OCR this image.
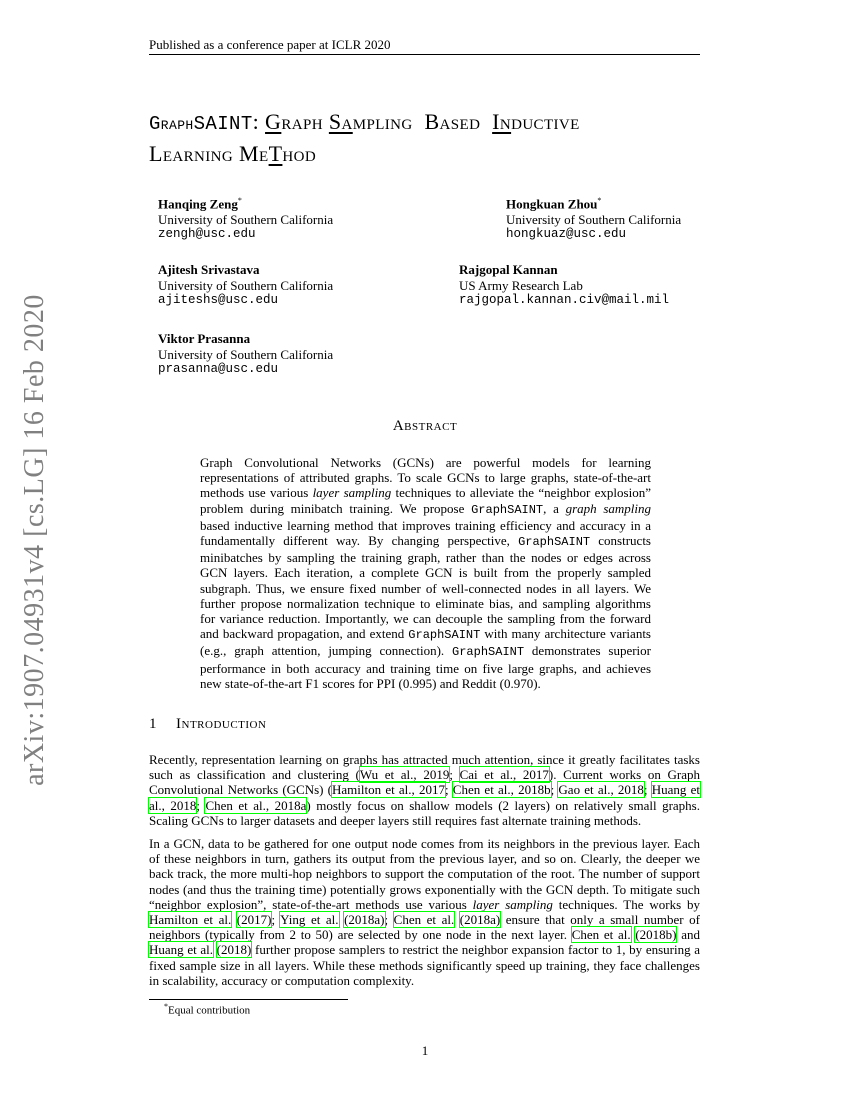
Published as a conference paper at ICLR 2020
GraphSAINT: Graph Sampling Based Inductive
Learning MeThod
Hanqing Zeng*
University of Southern California
zengh@usc.edu
Hongkuan Zhou*
University of Southern California
hongkuaz@usc.edu
Ajitesh Srivastava
University of Southern California
ajiteshs@usc.edu
Rajgopal Kannan
US Army Research Lab
rajgopal.kannan.civ@mail.mil
Viktor Prasanna
University of Southern California
prasanna@usc.edu
arXiv:1907.04931v4 [cs.LG] 16 Feb 2020	Abstract
Graph Convolutional Networks (GCNs) are powerful models for learning representations of attributed graphs. To scale GCNs to large graphs, state-of-the-art methods use various layer sampling techniques to alleviate the “neighbor explosion” problem during minibatch training. We propose GraphSAINT, a graph sampling based inductive learning method that improves training efficiency and accuracy in a fundamentally different way. By changing perspective, GraphSAINT constructs minibatches by sampling the training graph, rather than the nodes or edges across GCN layers. Each iteration, a complete GCN is built from the properly sampled subgraph. Thus, we ensure fixed number of well-connected nodes in all layers. We further propose normalization technique to eliminate bias, and sampling algorithms for variance reduction. Importantly, we can decouple the sampling from the forward and backward propagation, and extend GraphSAINT with many architecture variants (e.g., graph attention, jumping connection). GraphSAINT demonstrates superior performance in both accuracy and training time on five large graphs, and achieves new state-of-the-art F1 scores for PPI (0.995) and Reddit (0.970).
1 Introduction
Recently, representation learning on graphs has attracted much attention, since it greatly facilitates tasks such as classification and clustering (Wu et al., 2019; Cai et al., 2017). Current works on Graph Convolutional Networks (GCNs) (Hamilton et al., 2017; Chen et al., 2018b; Gao et al., 2018; Huang et al., 2018; Chen et al., 2018a) mostly focus on shallow models (2 layers) on relatively small graphs. Scaling GCNs to larger datasets and deeper layers still requires fast alternate training methods.
In a GCN, data to be gathered for one output node comes from its neighbors in the previous layer. Each of these neighbors in turn, gathers its output from the previous layer, and so on. Clearly, the deeper we back track, the more multi-hop neighbors to support the computation of the root. The number of support nodes (and thus the training time) potentially grows exponentially with the GCN depth. To mitigate such “neighbor explosion”, state-of-the-art methods use various layer sampling techniques. The works by Hamilton et al. (2017); Ying et al. (2018a); Chen et al. (2018a) ensure that only a small number of neighbors (typically from 2 to 50) are selected by one node in the next layer. Chen et al. (2018b) and Huang et al. (2018) further propose samplers to restrict the neighbor expansion factor to 1, by ensuring a fixed sample size in all layers. While these methods significantly speed up training, they face challenges in scalability, accuracy or computation complexity.
*Equal contribution
1
